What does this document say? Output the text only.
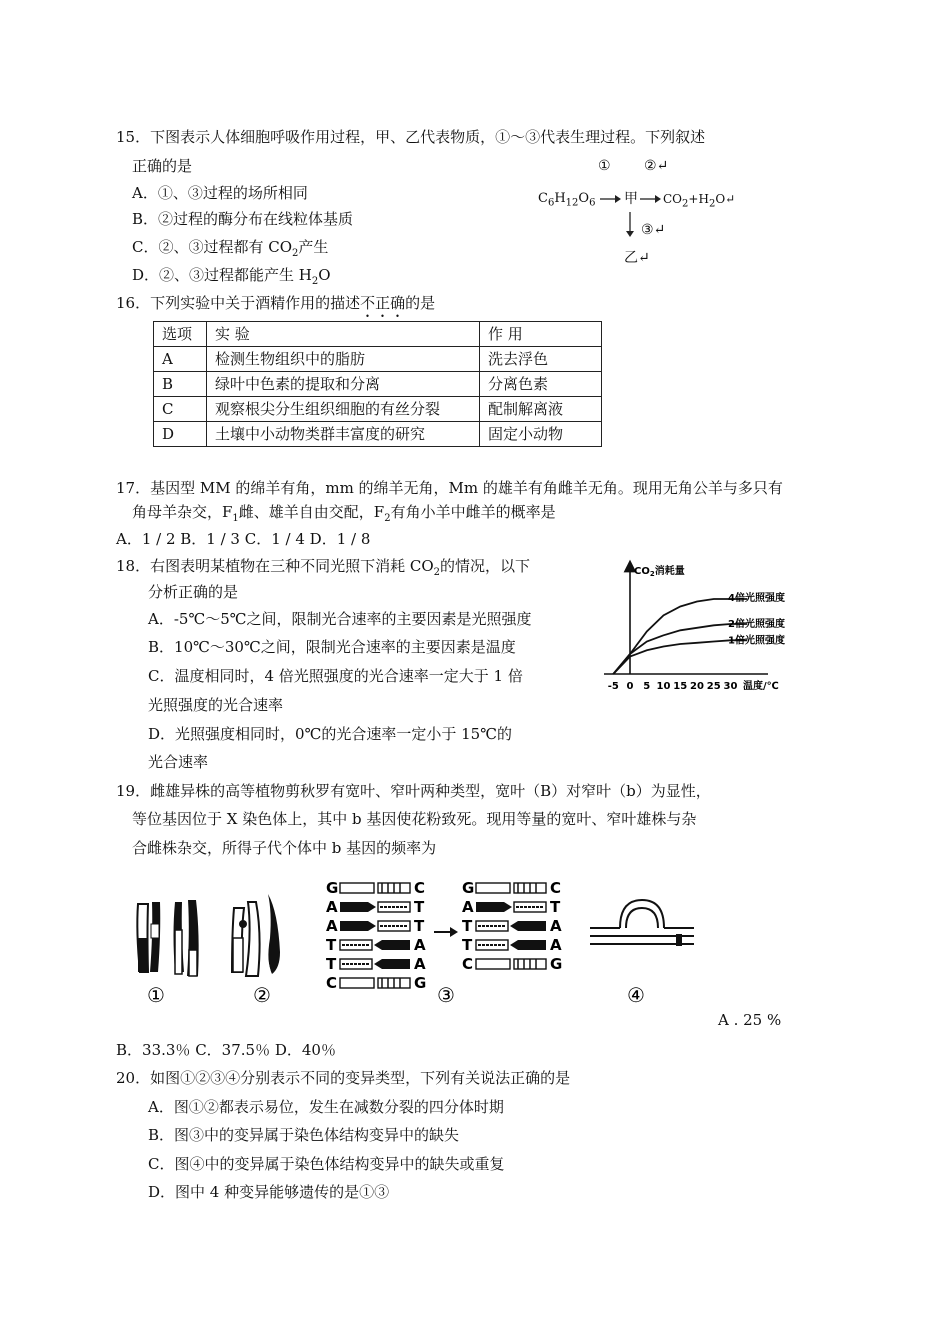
15．下图表示人体细胞呼吸作用过程，甲、乙代表物质，①～③代表生理过程。下列叙述
正确的是
A．①、③过程的场所相同
B．②过程的酶分布在线粒体基质
C．②、③过程都有 $CO_2$产生
D．②、③过程都能产生 $H_2O$
① ②↵
$C_6H_{12}O_6$ 甲 $CO_2+H_2O↵$
③↵
乙↵
16．下列实验中关于酒精作用的描述不正确的是
选项	实 验	作 用
A	检测生物组织中的脂肪	洗去浮色
B	绿叶中色素的提取和分离	分离色素
C	观察根尖分生组织细胞的有丝分裂	配制解离液
D	土壤中小动物类群丰富度的研究	固定小动物
17．基因型 MM 的绵羊有角，mm 的绵羊无角，Mm 的雄羊有角雌羊无角。现用无角公羊与多只有
角母羊杂交，$F_1$雌、雄羊自由交配，$F_2$有角小羊中雌羊的概率是
A．1 / 2 B．1 / 3 C．1 / 4 D．1 / 8
18．右图表明某植物在三种不同光照下消耗 $CO_2$的情况，以下
分析正确的是
A．-5℃～5℃之间，限制光合速率的主要因素是光照强度
B．10℃～30℃之间，限制光合速率的主要因素是温度
C．温度相同时，4 倍光照强度的光合速率一定大于 1 倍
光照强度的光合速率
D．光照强度相同时，0℃的光合速率一定小于 15℃的
光合速率
$CO_2$消耗量
-5 0 5 10 15 20 25 30 温度/℃
4倍光照强度
2倍光照强度
1倍光照强度
19．雌雄异株的高等植物剪秋罗有宽叶、窄叶两种类型，宽叶（B）对窄叶（b）为显性，
等位基因位于 X 染色体上，其中 b 基因使花粉致死。现用等量的宽叶、窄叶雄株与杂
合雌株杂交，所得子代个体中 b 基因的频率为
G	C
A	T
A	T
T	A
T	A
C	G
G	C
A	T
T	A
T	A
C	G
①	②	③	④
A . 25 %
B．33.3％ C．37.5％ D．40％
20．如图①②③④分别表示不同的变异类型，下列有关说法正确的是
A．图①②都表示易位，发生在减数分裂的四分体时期
B．图③中的变异属于染色体结构变异中的缺失
C．图④中的变异属于染色体结构变异中的缺失或重复
D．图中 4 种变异能够遗传的是①③
